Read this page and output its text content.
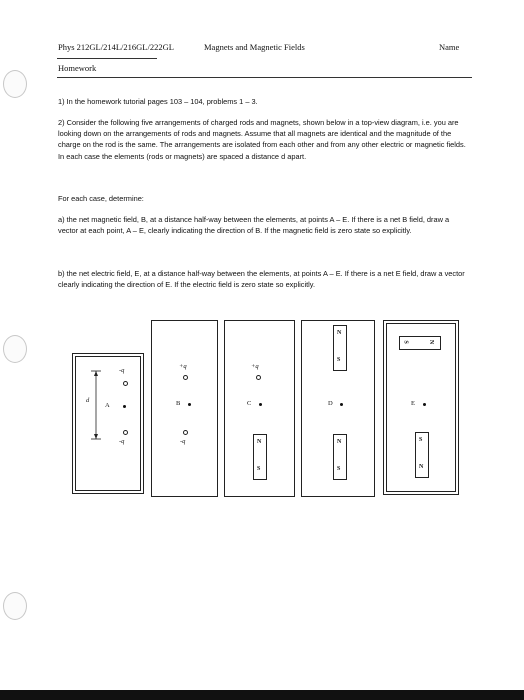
Phys 212GL/214L/216GL/222GL	Magnets and Magnetic Fields	Name
Homework

1) In the homework tutorial pages 103 – 104, problems 1 – 3.

2) Consider the following five arrangements of charged rods and magnets, shown below in a top-view diagram, i.e. you are looking down on the arrangements of rods and magnets. Assume that all magnets are identical and the magnitude of the charge on the rod is the same. The arrangements are isolated from each other and from any other electric or magnetic fields. In each case the elements (rods or magnets) are spaced a distance d apart.

For each case, determine:

a) the net magnetic field, B, at a distance half-way between the elements, at points A – E. If there is a net B field, draw a vector at each point, A – E, clearly indicating the direction of B. If the magnetic field is zero state so explicitly.

b) the net electric field, E, at a distance half-way between the elements, at points A – E. If there is a net E field, draw a vector clearly indicating the direction of E. If the electric field is zero state so explicitly.

-q
d
A
-q
+q
B
-q
+q
C
N
S
N
S
D
N
S
S	N
E
S
N
